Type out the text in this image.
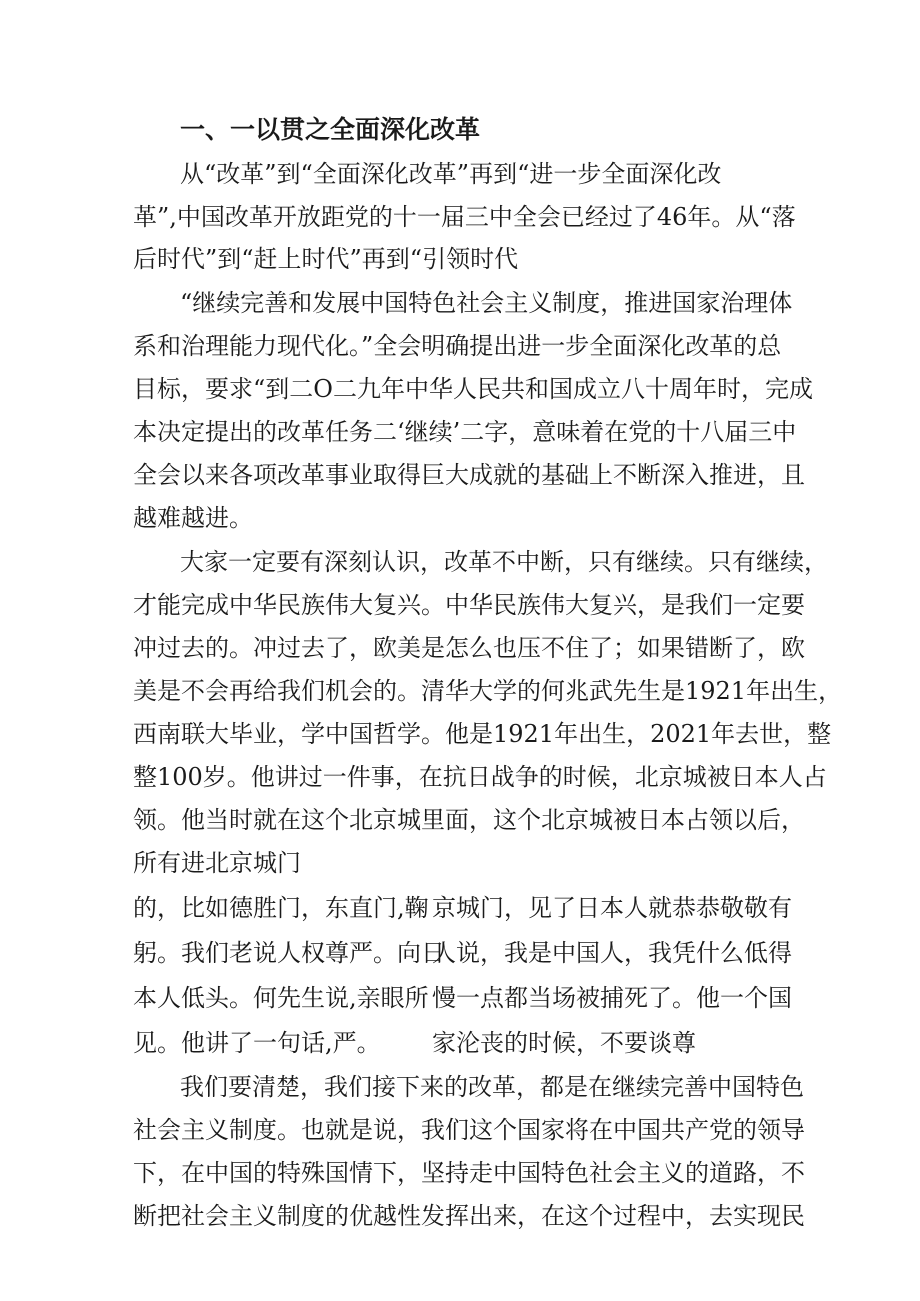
一、一以贯之全面深化改革
从“改革”到“全面深化改革”再到“进一步全面深化改
革”,中国改革开放距党的十一届三中全会已经过了46年。从“落
后时代”到“赶上时代”再到“引领时代
“继续完善和发展中国特色社会主义制度，推进国家治理体
系和治理能力现代化。”全会明确提出进一步全面深化改革的总
目标，要求“到二O二九年中华人民共和国成立八十周年时，完成
本决定提出的改革任务二‘继续’二字，意味着在党的十八届三中
全会以来各项改革事业取得巨大成就的基础上不断深入推进，且
越难越进。
大家一定要有深刻认识，改革不中断，只有继续。只有继续，
才能完成中华民族伟大复兴。中华民族伟大复兴，是我们一定要
冲过去的。冲过去了，欧美是怎么也压不住了；如果错断了，欧
美是不会再给我们机会的。清华大学的何兆武先生是1921年出生，
西南联大毕业，学中国哲学。他是1921年出生，2021年去世，整
整100岁。他讲过一件事，在抗日战争的时候，北京城被日本人占
领。他当时就在这个北京城里面，这个北京城被日本占领以后，
所有进北京城门
的，比如德胜门，东直门,鞠
躬。我们老说人权尊严。向日
本人低头。何先生说,亲眼所
见。他讲了一句话,严。
京城门，见了日本人就恭恭敬敬有
人说，我是中国人，我凭什么低得
慢一点都当场被捕死了。他一个国
家沦丧的时候，不要谈尊
我们要清楚，我们接下来的改革，都是在继续完善中国特色
社会主义制度。也就是说，我们这个国家将在中国共产党的领导
下，在中国的特殊国情下，坚持走中国特色社会主义的道路，不
断把社会主义制度的优越性发挥出来，在这个过程中，去实现民
